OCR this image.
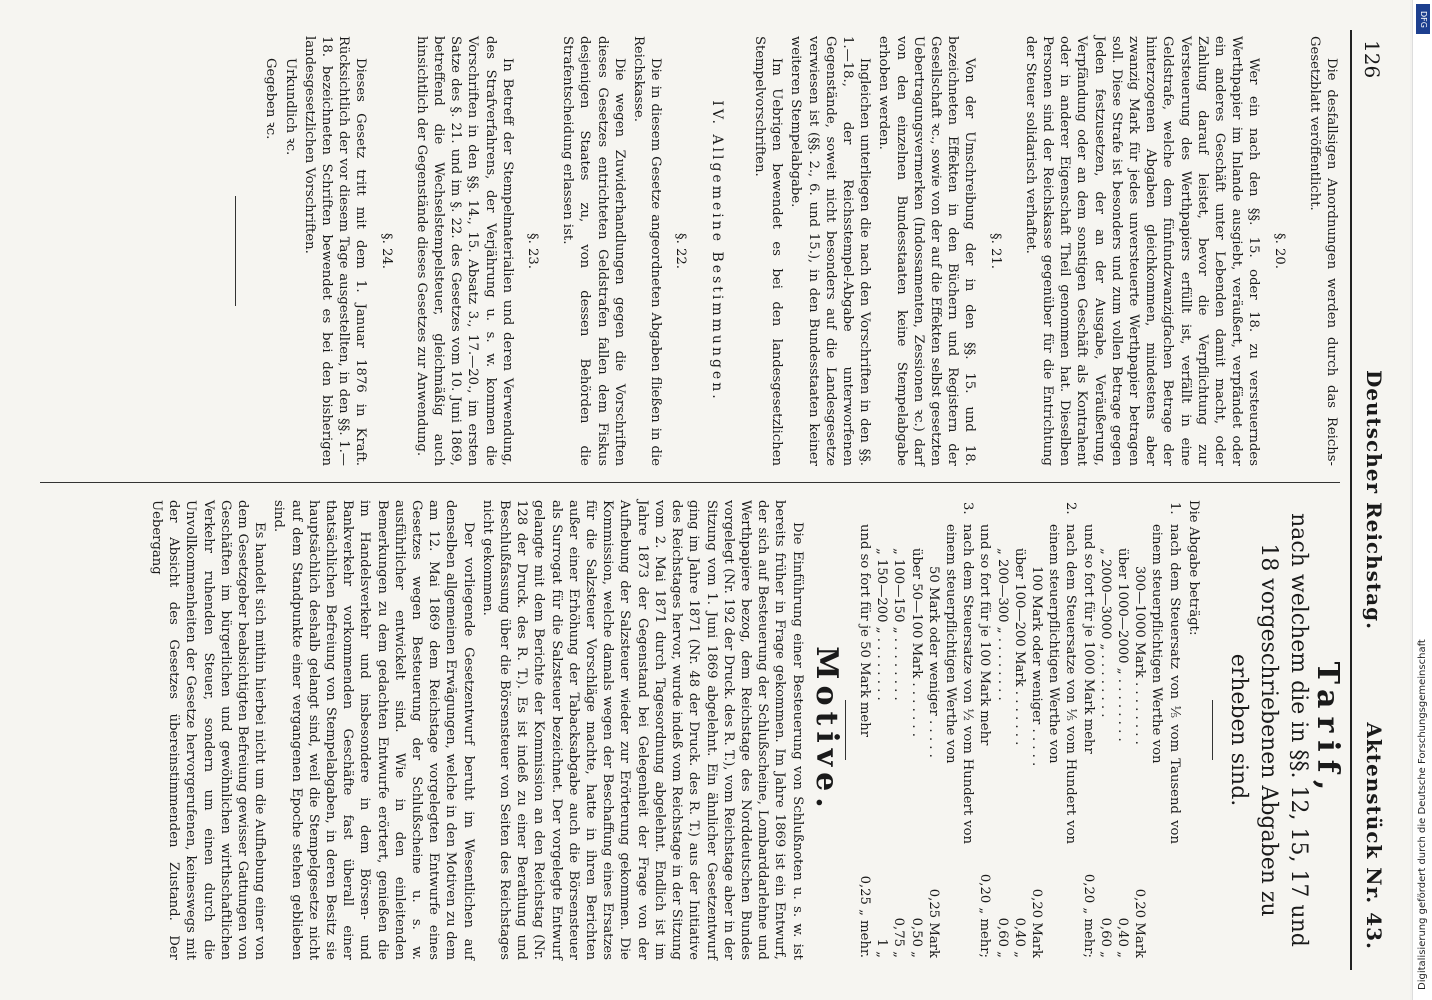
126
Deutscher Reichstag.
Aktenstück Nr. 43.

Die desfallsigen Anordnungen werden durch das Reichs-Gesetzblatt veröffentlicht.

§. 20.

Wer ein nach den §§. 15. oder 18. zu versteuerndes Werthpapier im Inlande ausgiebt, veräußert, verpfändet oder ein anderes Geschäft unter Lebenden damit macht, oder Zahlung darauf leistet, bevor die Verpflichtung zur Versteuerung des Werthpapiers erfüllt ist, verfällt in eine Geldstrafe, welche dem fünfundzwanzigfachen Betrage der hinterzogenen Abgaben gleichkommen, mindestens aber zwanzig Mark für jedes unversteuerte Werthpapier betragen soll. Diese Strafe ist besonders und zum vollen Betrage gegen Jeden festzusetzen, der an der Ausgabe, Veräußerung, Verpfändung oder an dem sonstigen Geschäft als Kontrahent oder in anderer Eigenschaft Theil genommen hat. Dieselben Personen sind der Reichskasse gegenüber für die Entrichtung der Steuer solidarisch verhaftet.

§. 21.

Von der Umschreibung der in den §§. 15. und 18. bezeichneten Effekten in den Büchern und Registern der Gesellschaft ꝛc., sowie von der auf die Effekten selbst gesetzten Uebertragungsvermerken (Indossamenten, Zessionen ꝛc.) darf von den einzelnen Bundesstaaten keine Stempelabgabe erhoben werden.

Ingleichen unterliegen die nach den Vorschriften in den §§. 1.—18., der Reichsstempel-Abgabe unterworfenen Gegenstände, soweit nicht besonders auf die Landesgesetze verwiesen ist (§§. 2., 6. und 15.), in den Bundesstaaten keiner weiteren Stempelabgabe.

Im Uebrigen bewendet es bei den landesgesetzlichen Stempelvorschriften.

IV. Allgemeine Bestimmungen.
§. 22.

Die in diesem Gesetze angeordneten Abgaben fließen in die Reichskasse.

Die wegen Zuwiderhandlungen gegen die Vorschriften dieses Gesetzes entrichteten Geldstrafen fallen dem Fiskus desjenigen Staates zu, von dessen Behörden die Strafentscheidung erlassen ist.

§. 23.

In Betreff der Stempelmaterialien und deren Verwendung, des Strafverfahrens, der Verjährung u. s. w. kommen die Vorschriften in den §§. 14., 15. Absatz 3., 17.—20., im ersten Satze des §. 21. und im §. 22. des Gesetzes vom 10. Juni 1869, betreffend die Wechselstempelsteuer, gleichmäßig auch hinsichtlich der Gegenstände dieses Gesetzes zur Anwendung.

§. 24.

Dieses Gesetz tritt mit dem 1. Januar 1876 in Kraft. Rücksichtlich der vor diesem Tage ausgestellten, in den §§. 1.—18. bezeichneten Schriften bewendet es bei den bisherigen landesgesetzlichen Vorschriften.

Urkundlich ꝛc.

Gegeben ꝛc.

Tarif,
nach welchem die in §§. 12, 15, 17 und 18 vorgeschriebenen Abgaben zu erheben sind.

Die Abgabe beträgt:

1.	nach dem Steuersatz von ⅕ vom Tausend von einem steuerpflichtigen Werthe von	
	300—1000 Mark . . . . . . . .	0,20 Mark
	über 1000—2000 „ . . . . . . . .	0,40 „
	„ 2000—3000 „ . . . . . . . .	0,60 „
	und so fort für je 1000 Mark mehr	0,20 „ mehr;
2.	nach dem Steuersatze von ⅕ vom Hundert von einem steuerpflichtigen Werthe von	
	100 Mark oder weniger . . . . .	0,20 Mark
	über 100—200 Mark . . . . . . .	0,40 „
	„ 200—300 „ . . . . . . . .	0,60 „
	und so fort für je 100 Mark mehr	0,20 „ mehr;
3.	nach dem Steuersatze von ½ vom Hundert von einem steuerpflichtigen Werthe von	
	50 Mark oder weniger . . . . .	0,25 Mark
	über 50—100 Mark . . . . . . .	0,50 „
	„ 100—150 „ . . . . . . . .	0,75 „
	„ 150—200 „ . . . . . . . .	1 „
	und so fort für je 50 Mark mehr	0,25 „ mehr.
Motive.

Die Einführung einer Besteuerung von Schlußnoten u. s. w. ist bereits früher in Frage gekommen. Im Jahre 1869 ist ein Entwurf, der sich auf Besteuerung der Schlußscheine, Lombarddarlehne und Werthpapiere bezog, dem Reichstage des Norddeutschen Bundes vorgelegt (Nr. 192 der Druck. des R. T.), vom Reichstage aber in der Sitzung vom 1. Juni 1869 abgelehnt. Ein ähnlicher Gesetzentwurf ging im Jahre 1871 (Nr. 48 der Druck. des R. T.) aus der Initiative des Reichstages hervor, wurde indeß vom Reichstage in der Sitzung vom 2. Mai 1871 durch Tagesordnung abgelehnt. Endlich ist im Jahre 1873 der Gegenstand bei Gelegenheit der Frage von der Aufhebung der Salzsteuer wieder zur Erörterung gekommen. Die Kommission, welche damals wegen der Beschaffung eines Ersatzes für die Salzsteuer Vorschläge machte, hatte in ihren Berichten außer einer Erhöhung der Tabacksabgabe auch die Börsensteuer als Surrogat für die Salzsteuer bezeichnet. Der vorgelegte Entwurf gelangte mit dem Berichte der Kommission an den Reichstag (Nr. 128 der Druck. des R. T.). Es ist indeß zu einer Berathung und Beschlußfassung über die Börsensteuer von Seiten des Reichstages nicht gekommen.

Der vorliegende Gesetzentwurf beruht im Wesentlichen auf denselben allgemeinen Erwägungen, welche in den Motiven zu dem am 12. Mai 1869 dem Reichstage vorgelegten Entwurfe eines Gesetzes wegen Besteuerung der Schlußscheine u. s. w. ausführlicher entwickelt sind. Wie in den einleitenden Bemerkungen zu dem gedachten Entwurfe erörtert, genießen die im Handelsverkehr und insbesondere in dem Börsen- und Bankverkehr vorkommenden Geschäfte fast überall einer thatsächlichen Befreiung von Stempelabgaben, in deren Besitz sie hauptsächlich deshalb gelangt sind, weil die Stempelgesetze nicht auf dem Standpunkte einer vergangenen Epoche stehen geblieben sind.

Es handelt sich mithin hierbei nicht um die Aufhebung einer von dem Gesetzgeber beabsichtigten Befreiung gewisser Gattungen von Geschäften im bürgerlichen und gewöhnlichen wirthschaftlichen Verkehr ruhenden Steuer, sondern um einen durch die Unvollkommenheiten der Gesetze hervorgerufenen, keineswegs mit der Absicht des Gesetzes übereinstimmenden Zustand. Der Uebergang

DFG
Digitalisierung gefördert durch die Deutsche Forschungsgemeinschaft
